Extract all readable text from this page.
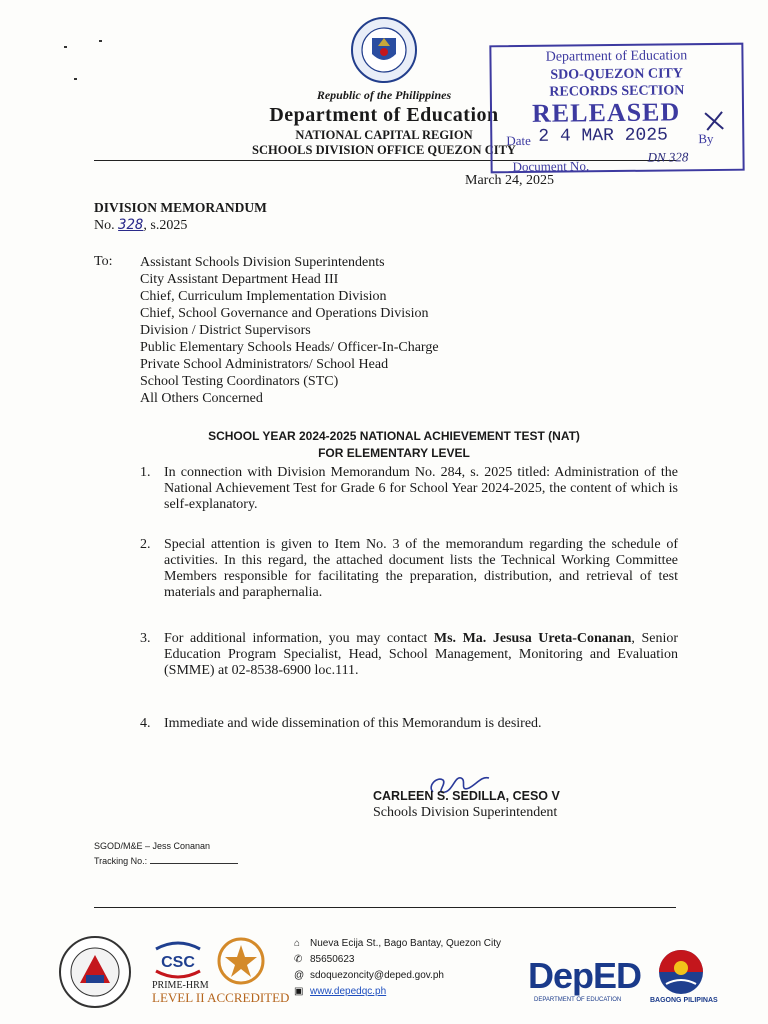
Republic of the Philippines
Department of Education
NATIONAL CAPITAL REGION
SCHOOLS DIVISION OFFICE QUEZON CITY
Department of Education
SDO-QUEZON CITY
RECORDS SECTION
RELEASED
Date 2 4 MAR 2025 By
Document No.
DN 328
March 24, 2025
DIVISION MEMORANDUM
No. 328, s.2025
To: Assistant Schools Division Superintendents
City Assistant Department Head III
Chief, Curriculum Implementation Division
Chief, School Governance and Operations Division
Division / District Supervisors
Public Elementary Schools Heads/ Officer-In-Charge
Private School Administrators/ School Head
School Testing Coordinators (STC)
All Others Concerned
SCHOOL YEAR 2024-2025 NATIONAL ACHIEVEMENT TEST (NAT)
FOR ELEMENTARY LEVEL
1. In connection with Division Memorandum No. 284, s. 2025 titled: Administration of the National Achievement Test for Grade 6 for School Year 2024-2025, the content of which is self-explanatory.
2. Special attention is given to Item No. 3 of the memorandum regarding the schedule of activities. In this regard, the attached document lists the Technical Working Committee Members responsible for facilitating the preparation, distribution, and retrieval of test materials and paraphernalia.
3. For additional information, you may contact Ms. Ma. Jesusa Ureta-Conanan, Senior Education Program Specialist, Head, School Management, Monitoring and Evaluation (SMME) at 02-8538-6900 loc.111.
4. Immediate and wide dissemination of this Memorandum is desired.
CARLEEN S. SEDILLA, CESO V
Schools Division Superintendent
SGOD/M&E – Jess Conanan
Tracking No.:
CSC
PRIME-HRM
LEVEL II ACCREDITED
⌂ Nueva Ecija St., Bago Bantay, Quezon City
✆ 85650623
@ sdoquezoncity@deped.gov.ph
▣ www.depedqc.ph	DepED
DEPARTMENT OF EDUCATION	BAGONG PILIPINAS
